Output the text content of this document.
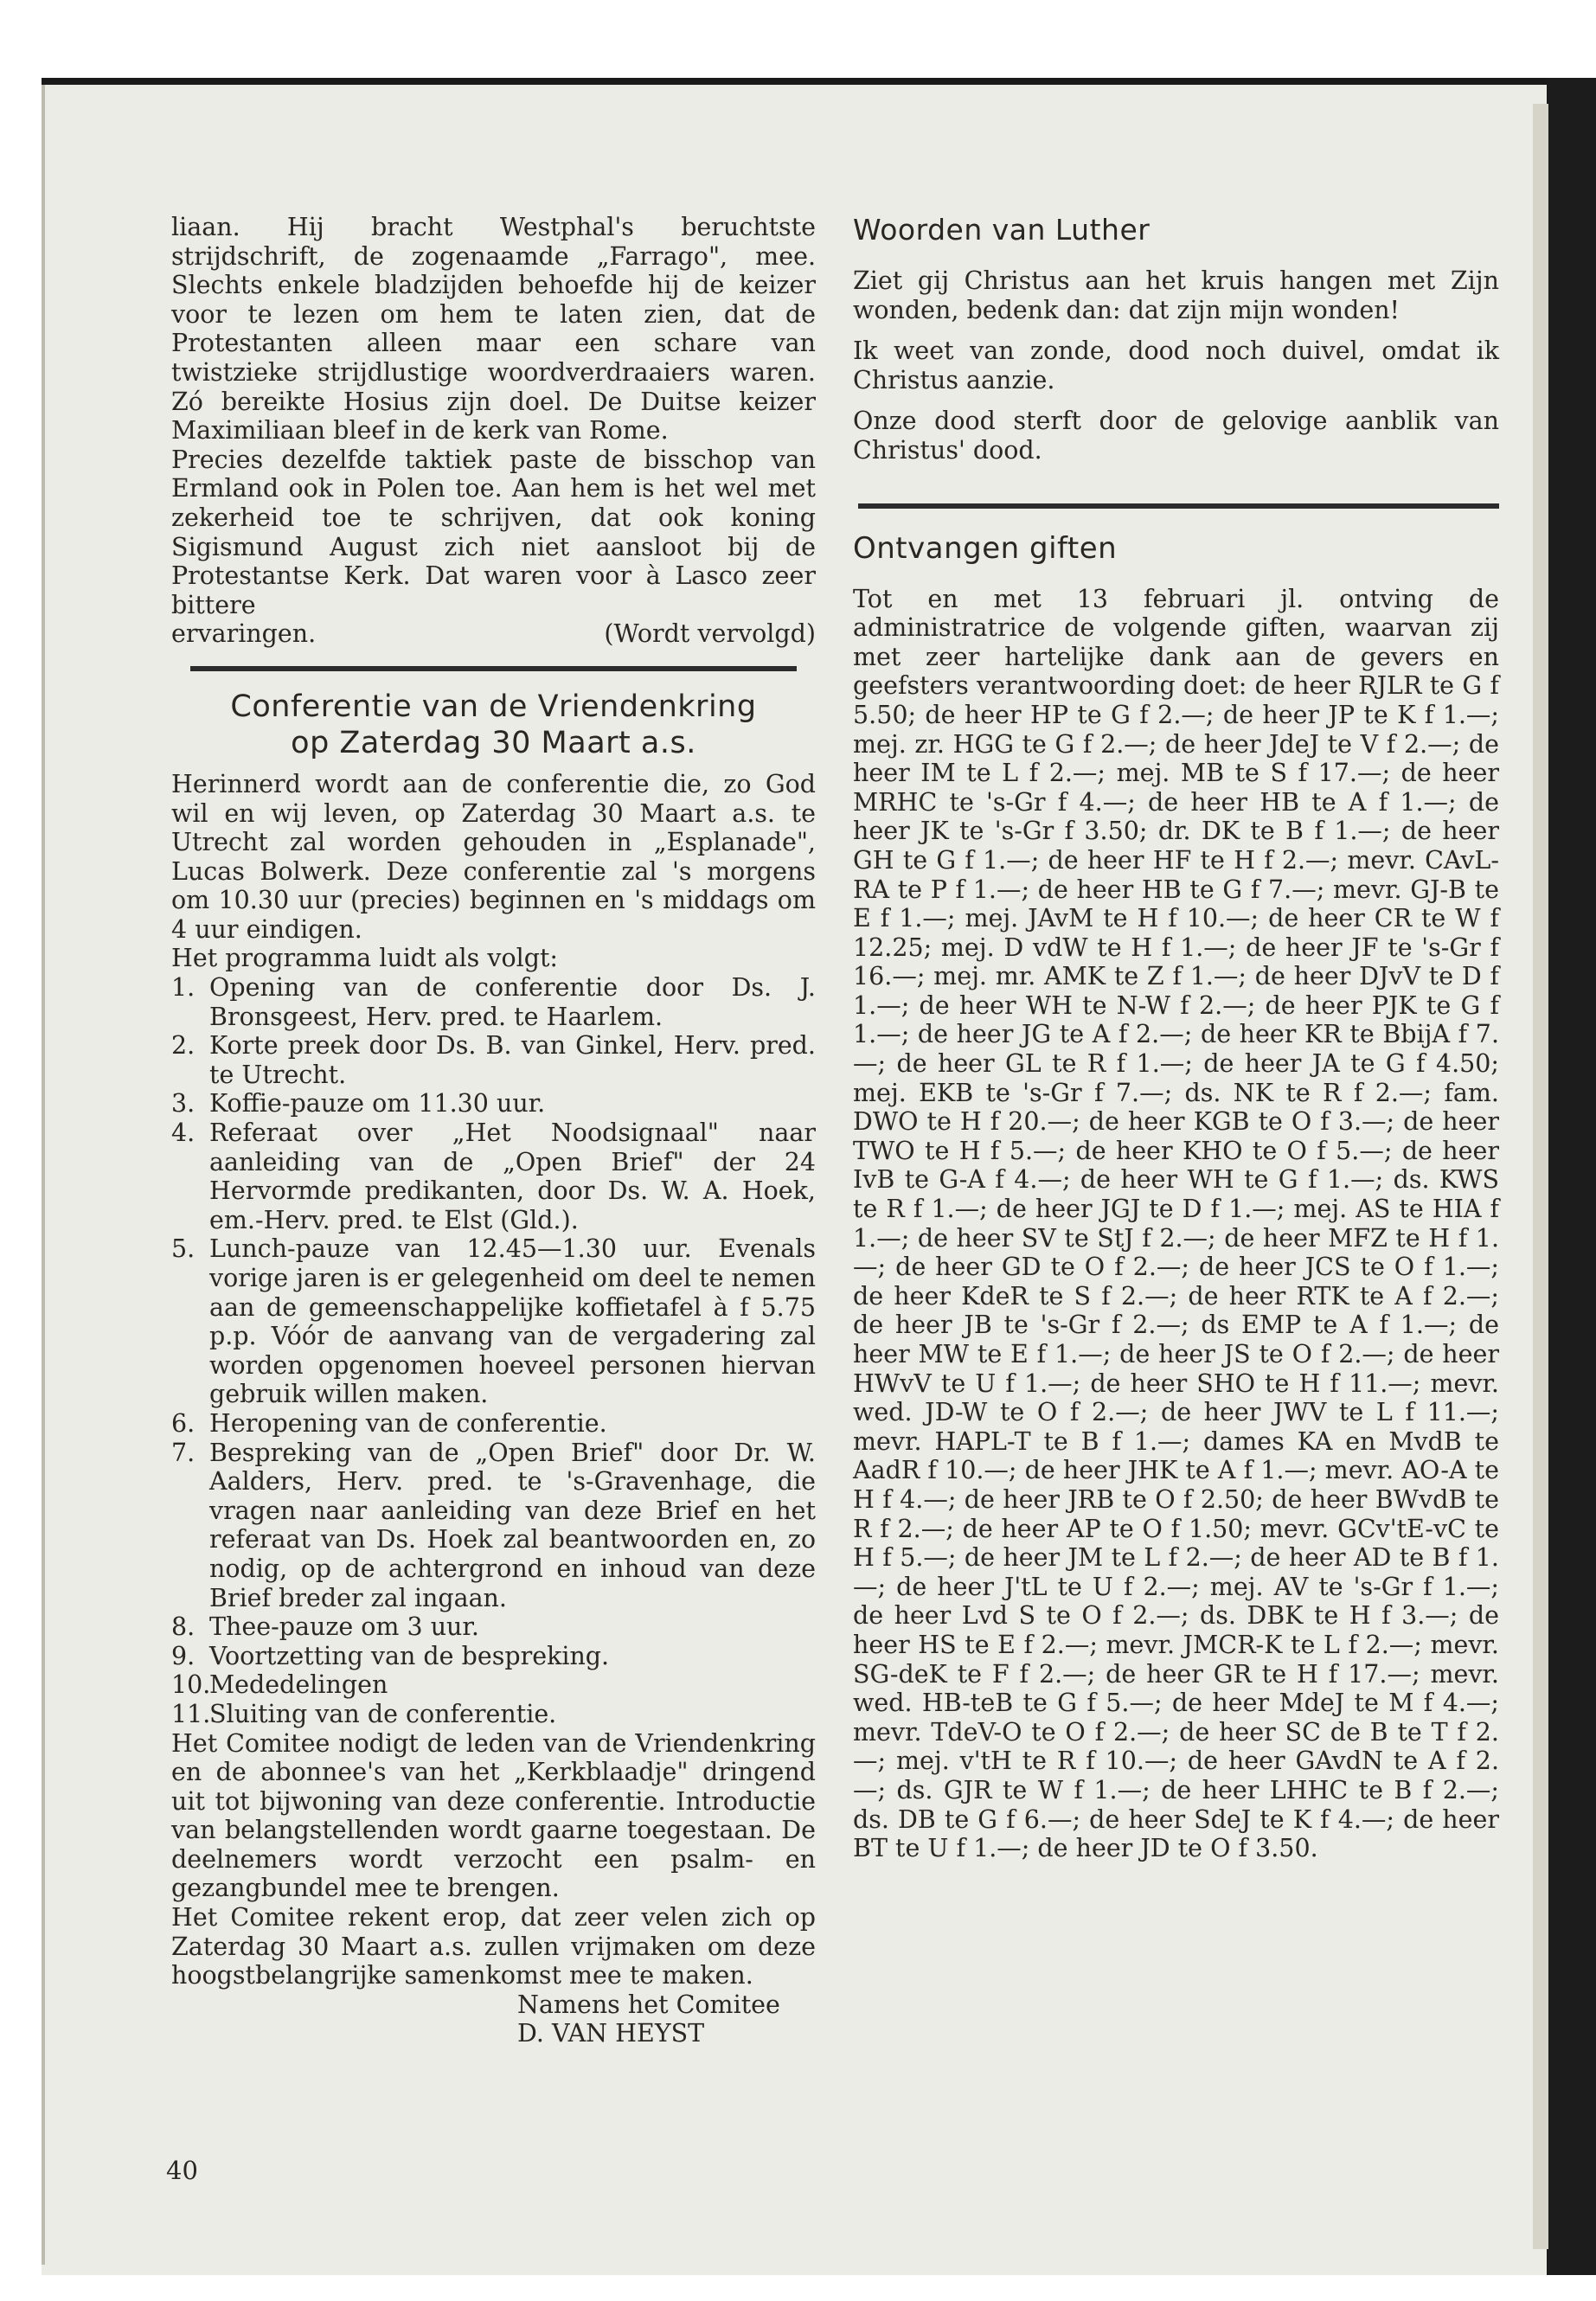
liaan. Hij bracht Westphal's beruchtste strijdschrift, de zogenaamde „Farrago", mee. Slechts enkele bladzijden behoefde hij de keizer voor te lezen om hem te laten zien, dat de Protestanten alleen maar een schare van twistzieke strijdlustige woordverdraaiers waren. Zó bereikte Hosius zijn doel. De Duitse keizer Maximiliaan bleef in de kerk van Rome.

Precies dezelfde taktiek paste de bisschop van Ermland ook in Polen toe. Aan hem is het wel met zekerheid toe te schrijven, dat ook koning Sigismund August zich niet aansloot bij de Protestantse Kerk. Dat waren voor à Lasco zeer bittere

ervaringen.	(Wordt vervolgd)
Conferentie van de Vriendenkring
op Zaterdag 30 Maart a.s.

Herinnerd wordt aan de conferentie die, zo God wil en wij leven, op Zaterdag 30 Maart a.s. te Utrecht zal worden gehouden in „Esplanade", Lucas Bolwerk. Deze conferentie zal 's morgens om 10.30 uur (precies) beginnen en 's middags om 4 uur eindigen.

Het programma luidt als volgt:

1. Opening van de conferentie door Ds. J. Bronsgeest, Herv. pred. te Haarlem.
2. Korte preek door Ds. B. van Ginkel, Herv. pred. te Utrecht.
3. Koffie-pauze om 11.30 uur.
4. Referaat over „Het Noodsignaal" naar aanleiding van de „Open Brief" der 24 Hervormde predikanten, door Ds. W. A. Hoek, em.-Herv. pred. te Elst (Gld.).
5. Lunch-pauze van 12.45—1.30 uur. Evenals vorige jaren is er gelegenheid om deel te nemen aan de gemeenschappelijke koffietafel à f 5.75 p.p. Vóór de aanvang van de vergadering zal worden opgenomen hoeveel personen hiervan gebruik willen maken.
6. Heropening van de conferentie.
7. Bespreking van de „Open Brief" door Dr. W. Aalders, Herv. pred. te 's-Gravenhage, die vragen naar aanleiding van deze Brief en het referaat van Ds. Hoek zal beantwoorden en, zo nodig, op de achtergrond en inhoud van deze Brief breder zal ingaan.
8. Thee-pauze om 3 uur.
9. Voortzetting van de bespreking.
10.
Mededelingen
11.
Sluiting van de conferentie.

Het Comitee nodigt de leden van de Vriendenkring en de abonnee's van het „Kerkblaadje" dringend uit tot bijwoning van deze conferentie. Introductie van belangstellenden wordt gaarne toegestaan. De deelnemers wordt verzocht een psalm- en gezangbundel mee te brengen.

Het Comitee rekent erop, dat zeer velen zich op Zaterdag 30 Maart a.s. zullen vrijmaken om deze hoogstbelangrijke samenkomst mee te maken.

Namens het Comitee

D. VAN HEYST

40
Woorden van Luther

Ziet gij Christus aan het kruis hangen met Zijn wonden, bedenk dan: dat zijn mijn wonden!

Ik weet van zonde, dood noch duivel, omdat ik Christus aanzie.

Onze dood sterft door de gelovige aanblik van Christus' dood.

Ontvangen giften

Tot en met 13 februari jl. ontving de administratrice de volgende giften, waarvan zij met zeer hartelijke dank aan de gevers en geefsters verantwoording doet: de heer RJLR te G f 5.50; de heer HP te G f 2.—; de heer JP te K f 1.—; mej. zr. HGG te G f 2.—; de heer JdeJ te V f 2.—; de heer IM te L f 2.—; mej. MB te S f 17.—; de heer MRHC te 's-Gr f 4.—; de heer HB te A f 1.—; de heer JK te 's-Gr f 3.50; dr. DK te B f 1.—; de heer GH te G f 1.—; de heer HF te H f 2.—; mevr. CAvL-RA te P f 1.—; de heer HB te G f 7.—; mevr. GJ-B te E f 1.—; mej. JAvM te H f 10.—; de heer CR te W f 12.25; mej. D vdW te H f 1.—; de heer JF te 's-Gr f 16.—; mej. mr. AMK te Z f 1.—; de heer DJvV te D f 1.—; de heer WH te N-W f 2.—; de heer PJK te G f 1.—; de heer JG te A f 2.—; de heer KR te BbijA f 7.—; de heer GL te R f 1.—; de heer JA te G f 4.50; mej. EKB te 's-Gr f 7.—; ds. NK te R f 2.—; fam. DWO te H f 20.—; de heer KGB te O f 3.—; de heer TWO te H f 5.—; de heer KHO te O f 5.—; de heer IvB te G-A f 4.—; de heer WH te G f 1.—; ds. KWS te R f 1.—; de heer JGJ te D f 1.—; mej. AS te HIA f 1.—; de heer SV te StJ f 2.—; de heer MFZ te H f 1.—; de heer GD te O f 2.—; de heer JCS te O f 1.—; de heer KdeR te S f 2.—; de heer RTK te A f 2.—; de heer JB te 's-Gr f 2.—; ds EMP te A f 1.—; de heer MW te E f 1.—; de heer JS te O f 2.—; de heer HWvV te U f 1.—; de heer SHO te H f 11.—; mevr. wed. JD-W te O f 2.—; de heer JWV te L f 11.—; mevr. HAPL-T te B f 1.—; dames KA en MvdB te AadR f 10.—; de heer JHK te A f 1.—; mevr. AO-A te H f 4.—; de heer JRB te O f 2.50; de heer BWvdB te R f 2.—; de heer AP te O f 1.50; mevr. GCv'tE-vC te H f 5.—; de heer JM te L f 2.—; de heer AD te B f 1.—; de heer J'tL te U f 2.—; mej. AV te 's-Gr f 1.—; de heer Lvd S te O f 2.—; ds. DBK te H f 3.—; de heer HS te E f 2.—; mevr. JMCR-K te L f 2.—; mevr. SG-deK te F f 2.—; de heer GR te H f 17.—; mevr. wed. HB-teB te G f 5.—; de heer MdeJ te M f 4.—; mevr. TdeV-O te O f 2.—; de heer SC de B te T f 2.—; mej. v'tH te R f 10.—; de heer GAvdN te A f 2.—; ds. GJR te W f 1.—; de heer LHHC te B f 2.—; ds. DB te G f 6.—; de heer SdeJ te K f 4.—; de heer BT te U f 1.—; de heer JD te O f 3.50.
